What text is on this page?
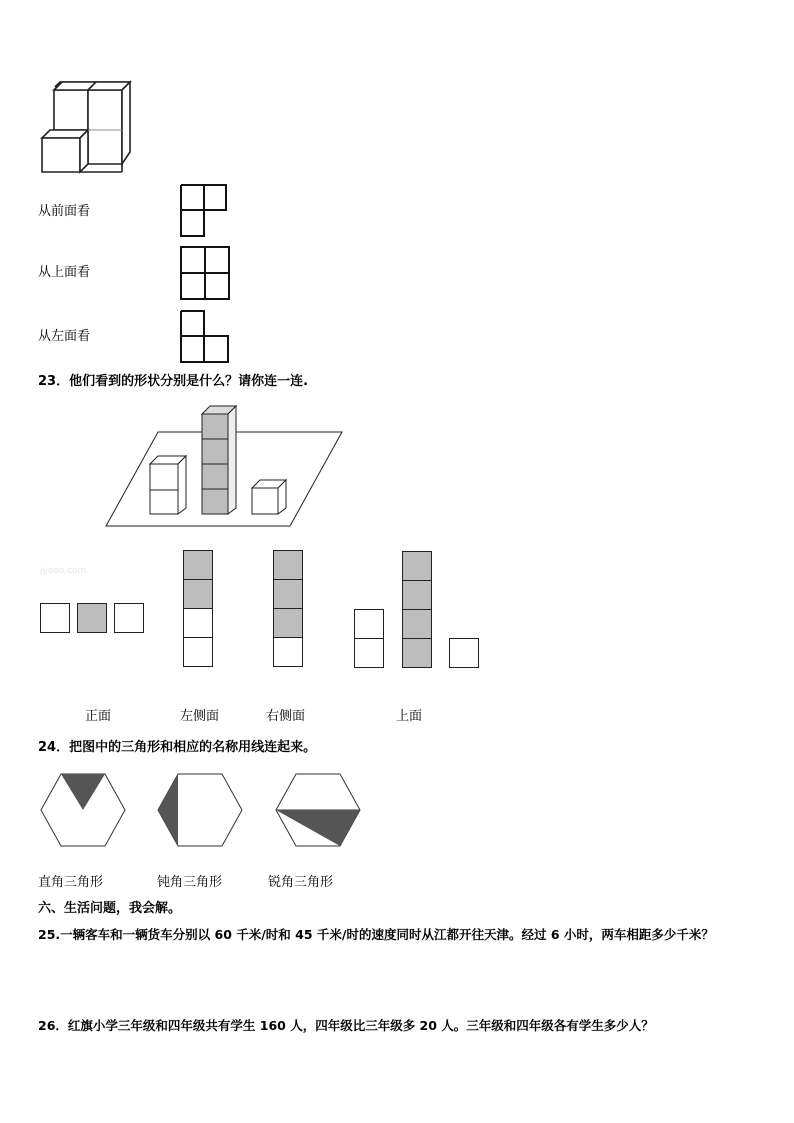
从前面看
从上面看
从左面看
23．他们看到的形状分别是什么？请你连一连.
jyeoo.com
正面	左侧面	右侧面	上面
24．把图中的三角形和相应的名称用线连起来。
直角三角形	钝角三角形	锐角三角形
六、生活问题，我会解。
25.一辆客车和一辆货车分别以 60 千米/时和 45 千米/时的速度同时从江都开往天津。经过 6 小时，两车相距多少千米？
26．红旗小学三年级和四年级共有学生 160 人，四年级比三年级多 20 人。三年级和四年级各有学生多少人？
